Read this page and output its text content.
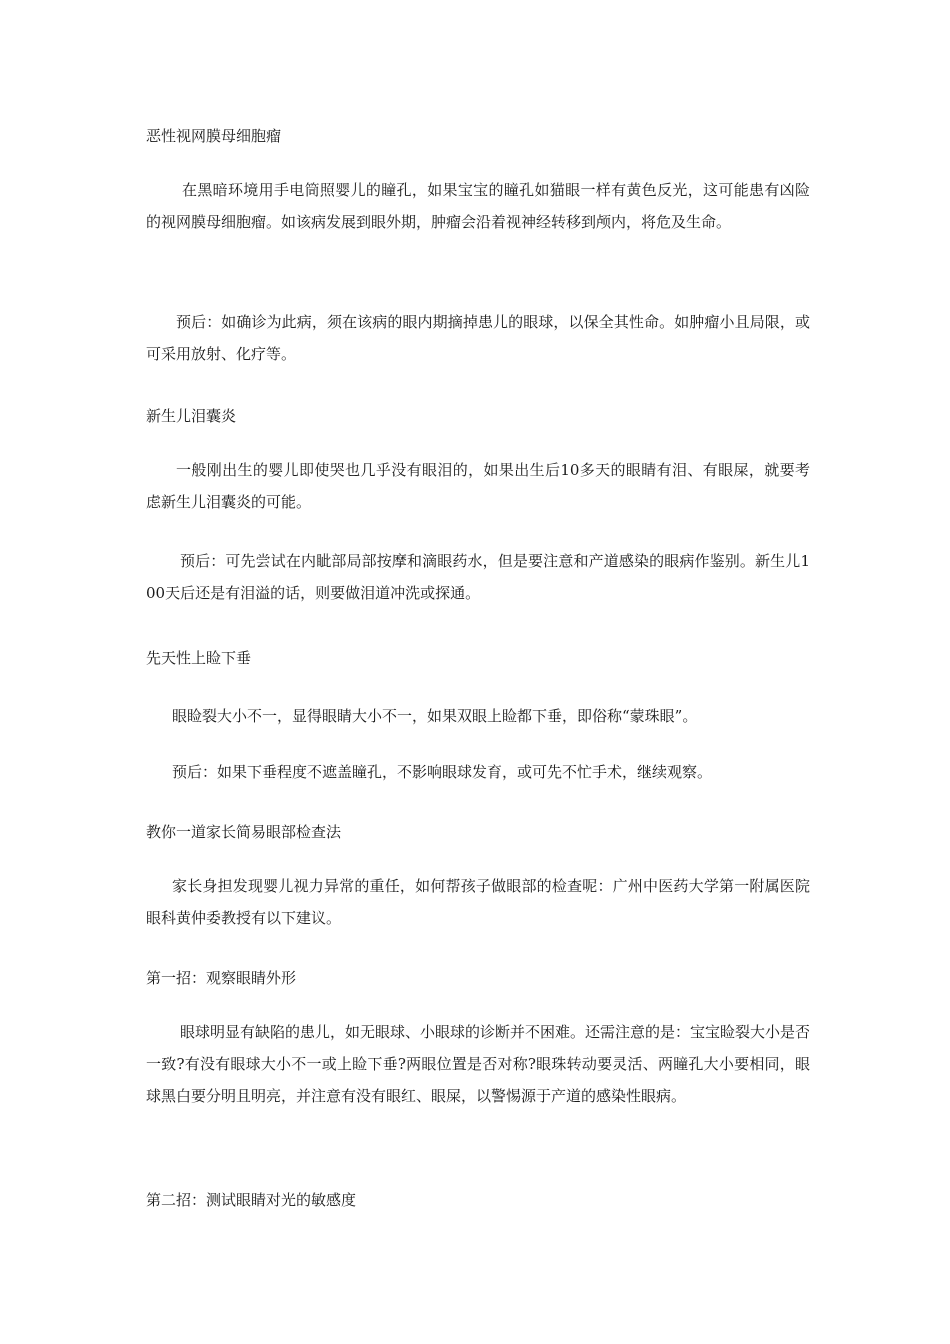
恶性视网膜母细胞瘤

在黑暗环境用手电筒照婴儿的瞳孔，如果宝宝的瞳孔如猫眼一样有黄色反光，这可能患有凶险的视网膜母细胞瘤。如该病发展到眼外期，肿瘤会沿着视神经转移到颅内，将危及生命。

预后：如确诊为此病，须在该病的眼内期摘掉患儿的眼球，以保全其性命。如肿瘤小且局限，或可采用放射、化疗等。

新生儿泪囊炎

一般刚出生的婴儿即使哭也几乎没有眼泪的，如果出生后10多天的眼睛有泪、有眼屎，就要考虑新生儿泪囊炎的可能。

预后：可先尝试在内眦部局部按摩和滴眼药水，但是要注意和产道感染的眼病作鉴别。新生儿100天后还是有泪溢的话，则要做泪道冲洗或探通。

先天性上睑下垂

眼睑裂大小不一，显得眼睛大小不一，如果双眼上睑都下垂，即俗称“蒙珠眼”。

预后：如果下垂程度不遮盖瞳孔，不影响眼球发育，或可先不忙手术，继续观察。

教你一道家长简易眼部检查法

家长身担发现婴儿视力异常的重任，如何帮孩子做眼部的检查呢：广州中医药大学第一附属医院眼科黄仲委教授有以下建议。

第一招：观察眼睛外形

眼球明显有缺陷的患儿，如无眼球、小眼球的诊断并不困难。还需注意的是：宝宝睑裂大小是否一致?有没有眼球大小不一或上睑下垂?两眼位置是否对称?眼珠转动要灵活、两瞳孔大小要相同，眼球黑白要分明且明亮，并注意有没有眼红、眼屎，以警惕源于产道的感染性眼病。

第二招：测试眼睛对光的敏感度
